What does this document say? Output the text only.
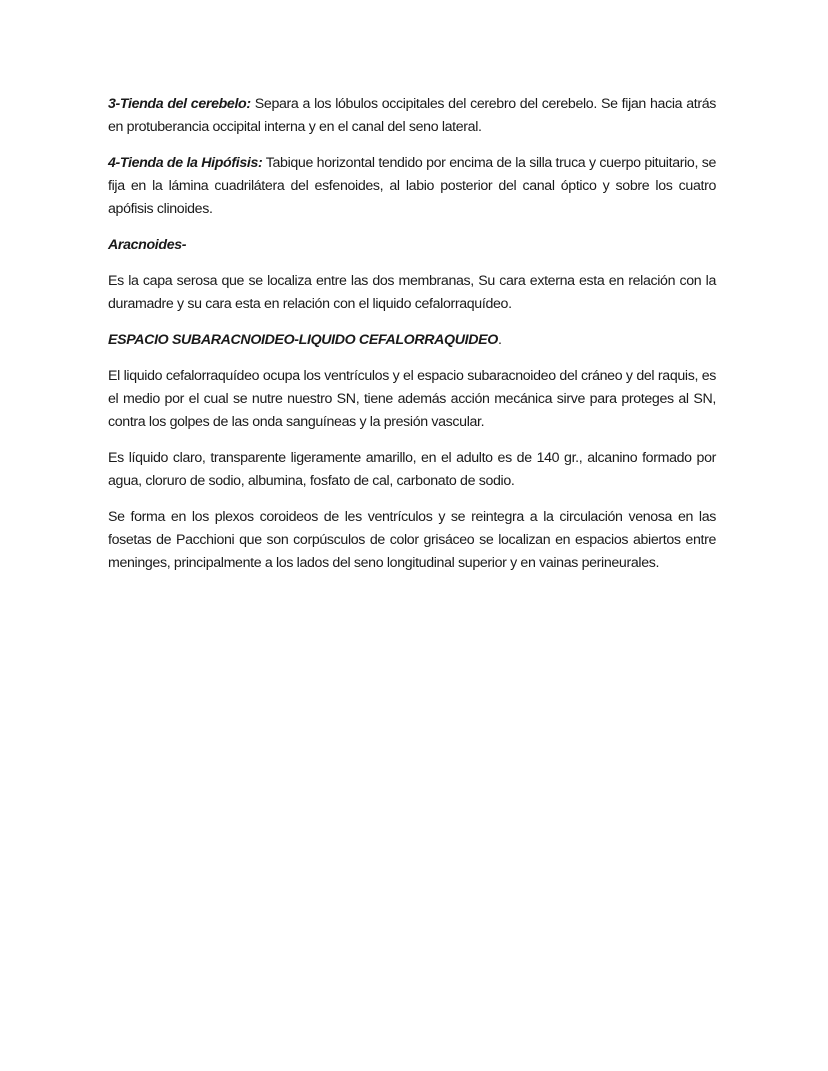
3-Tienda del cerebelo: Separa a los lóbulos occipitales del cerebro del cerebelo. Se fijan hacia atrás en protuberancia occipital interna y en el canal del seno lateral.

4-Tienda de la Hipófisis: Tabique horizontal tendido por encima de la silla truca y cuerpo pituitario, se fija en la lámina cuadrilátera del esfenoides, al labio posterior del canal óptico y sobre los cuatro apófisis clinoides.

Aracnoides-

Es la capa serosa que se localiza entre las dos membranas, Su cara externa esta en relación con la duramadre y su cara esta en relación con el liquido cefalorraquídeo.

ESPACIO SUBARACNOIDEO-LIQUIDO CEFALORRAQUIDEO.

El liquido cefalorraquídeo ocupa los ventrículos y el espacio subaracnoideo del cráneo y del raquis, es el medio por el cual se nutre nuestro SN, tiene además acción mecánica sirve para proteges al SN, contra los golpes de las onda sanguíneas y la presión vascular.

Es líquido claro, transparente ligeramente amarillo, en el adulto es de 140 gr., alcanino formado por agua, cloruro de sodio, albumina, fosfato de cal, carbonato de sodio.

Se forma en los plexos coroideos de les ventrículos y se reintegra a la circulación venosa en las fosetas de Pacchioni que son corpúsculos de color grisáceo se localizan en espacios abiertos entre meninges, principalmente a los lados del seno longitudinal superior y en vainas perineurales.
